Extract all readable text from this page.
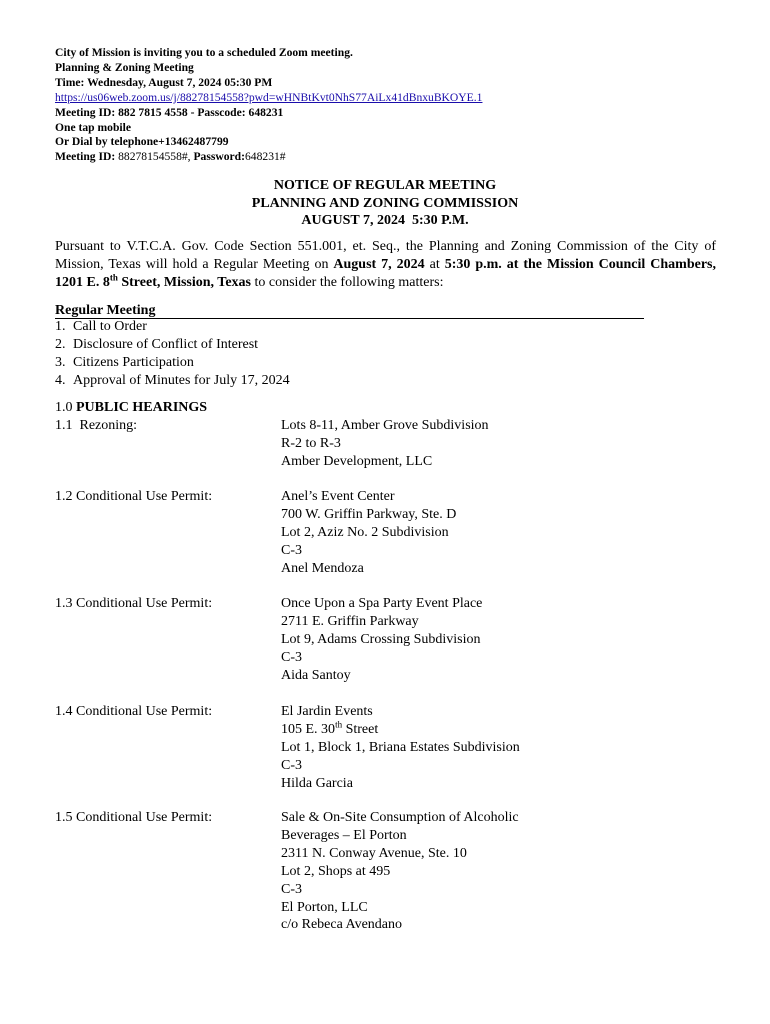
City of Mission is inviting you to a scheduled Zoom meeting.
Planning & Zoning Meeting
Time: Wednesday, August 7, 2024 05:30 PM
https://us06web.zoom.us/j/88278154558?pwd=wHNBtKvt0NhS77AiLx41dBnxuBKOYE.1
Meeting ID: 882 7815 4558 - Passcode: 648231
One tap mobile
Or Dial by telephone+13462487799
Meeting ID: 88278154558#, Password:648231#
NOTICE OF REGULAR MEETING
PLANNING AND ZONING COMMISSION
AUGUST 7, 2024  5:30 P.M.
Pursuant to V.T.C.A. Gov. Code Section 551.001, et. Seq., the Planning and Zoning Commission of the City of Mission, Texas will hold a Regular Meeting on August 7, 2024 at 5:30 p.m. at the Mission Council Chambers, 1201 E. 8th Street, Mission, Texas to consider the following matters:
Regular Meeting
1. Call to Order
2. Disclosure of Conflict of Interest
3. Citizens Participation
4. Approval of Minutes for July 17, 2024
1.0 PUBLIC HEARINGS
1.1  Rezoning:	Lots 8-11, Amber Grove Subdivision
R-2 to R-3
Amber Development, LLC
1.2 Conditional Use Permit:	Anel’s Event Center
700 W. Griffin Parkway, Ste. D
Lot 2, Aziz No. 2 Subdivision
C-3
Anel Mendoza
1.3 Conditional Use Permit:	Once Upon a Spa Party Event Place
2711 E. Griffin Parkway
Lot 9, Adams Crossing Subdivision
C-3
Aida Santoy
1.4 Conditional Use Permit:	El Jardin Events
105 E. 30th Street
Lot 1, Block 1, Briana Estates Subdivision
C-3
Hilda Garcia
1.5 Conditional Use Permit:	Sale & On-Site Consumption of Alcoholic
Beverages – El Porton
2311 N. Conway Avenue, Ste. 10
Lot 2, Shops at 495
C-3
El Porton, LLC
c/o Rebeca Avendano
